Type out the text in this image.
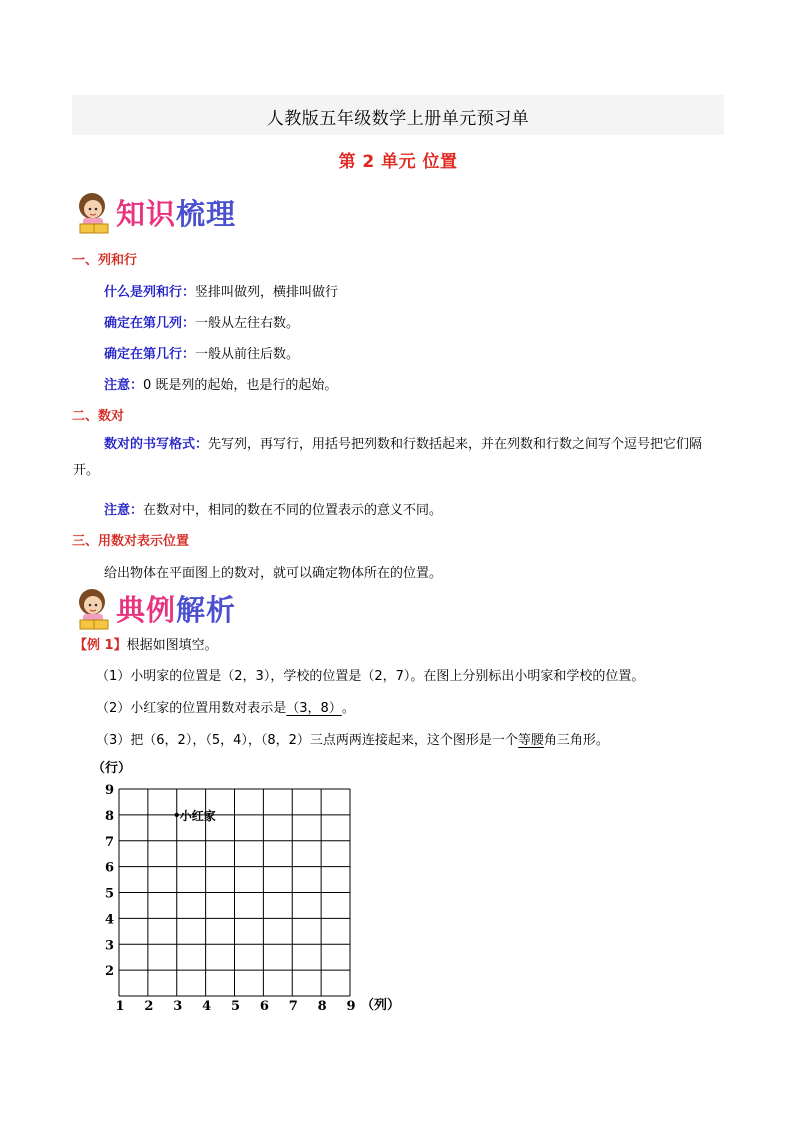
人教版五年级数学上册单元预习单
第 2 单元 位置
知识梳理
一、列和行
什么是列和行：竖排叫做列，横排叫做行
确定在第几列：一般从左往右数。
确定在第几行：一般从前往后数。
注意：0 既是列的起始，也是行的起始。
二、数对
数对的书写格式：先写列，再写行，用括号把列数和行数括起来，并在列数和行数之间写个逗号把它们隔开。
注意：在数对中，相同的数在不同的位置表示的意义不同。
三、用数对表示位置
给出物体在平面图上的数对，就可以确定物体所在的位置。
典例解析
【例 1】根据如图填空。
（1）小明家的位置是（2，3），学校的位置是（2，7）。在图上分别标出小明家和学校的位置。
（2）小红家的位置用数对表示是（3，8）。
（3）把（6，2），（5，4），（8，2）三点两两连接起来，这个图形是一个等腰角三角形。
（行）
2
3
4
5
6
7
8
9
1 2 3 4 5 6 7 8 9 （列）
小红家
